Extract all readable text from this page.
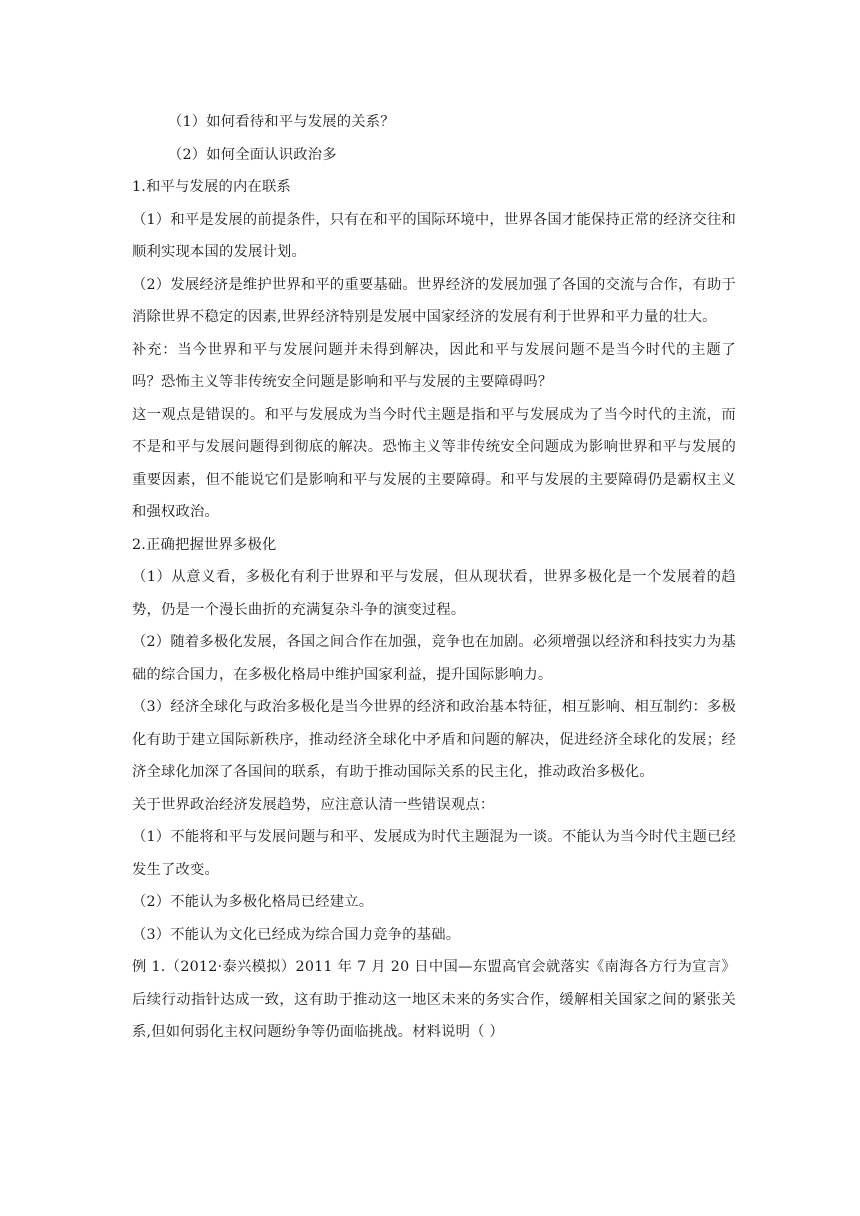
（1）如何看待和平与发展的关系？

（2）如何全面认识政治多

1.和平与发展的内在联系

（1）和平是发展的前提条件，只有在和平的国际环境中，世界各国才能保持正常的经济交往和顺利实现本国的发展计划。

（2）发展经济是维护世界和平的重要基础。世界经济的发展加强了各国的交流与合作，有助于消除世界不稳定的因素,世界经济特别是发展中国家经济的发展有利于世界和平力量的壮大。

补充：当今世界和平与发展问题并未得到解决，因此和平与发展问题不是当今时代的主题了吗？恐怖主义等非传统安全问题是影响和平与发展的主要障碍吗？

这一观点是错误的。和平与发展成为当今时代主题是指和平与发展成为了当今时代的主流，而不是和平与发展问题得到彻底的解决。恐怖主义等非传统安全问题成为影响世界和平与发展的重要因素，但不能说它们是影响和平与发展的主要障碍。和平与发展的主要障碍仍是霸权主义和强权政治。

2.正确把握世界多极化

（1）从意义看，多极化有利于世界和平与发展，但从现状看，世界多极化是一个发展着的趋势，仍是一个漫长曲折的充满复杂斗争的演变过程。

（2）随着多极化发展，各国之间合作在加强，竞争也在加剧。必须增强以经济和科技实力为基础的综合国力，在多极化格局中维护国家利益，提升国际影响力。

（3）经济全球化与政治多极化是当今世界的经济和政治基本特征，相互影响、相互制约：多极化有助于建立国际新秩序，推动经济全球化中矛盾和问题的解决，促进经济全球化的发展；经济全球化加深了各国间的联系，有助于推动国际关系的民主化，推动政治多极化。

关于世界政治经济发展趋势，应注意认清一些错误观点：

（1）不能将和平与发展问题与和平、发展成为时代主题混为一谈。不能认为当今时代主题已经发生了改变。

（2）不能认为多极化格局已经建立。

（3）不能认为文化已经成为综合国力竞争的基础。

例 1.（2012·泰兴模拟）2011 年 7 月 20 日中国—东盟高官会就落实《南海各方行为宣言》后续行动指针达成一致，这有助于推动这一地区未来的务实合作，缓解相关国家之间的紧张关系,但如何弱化主权问题纷争等仍面临挑战。材料说明（ ）
